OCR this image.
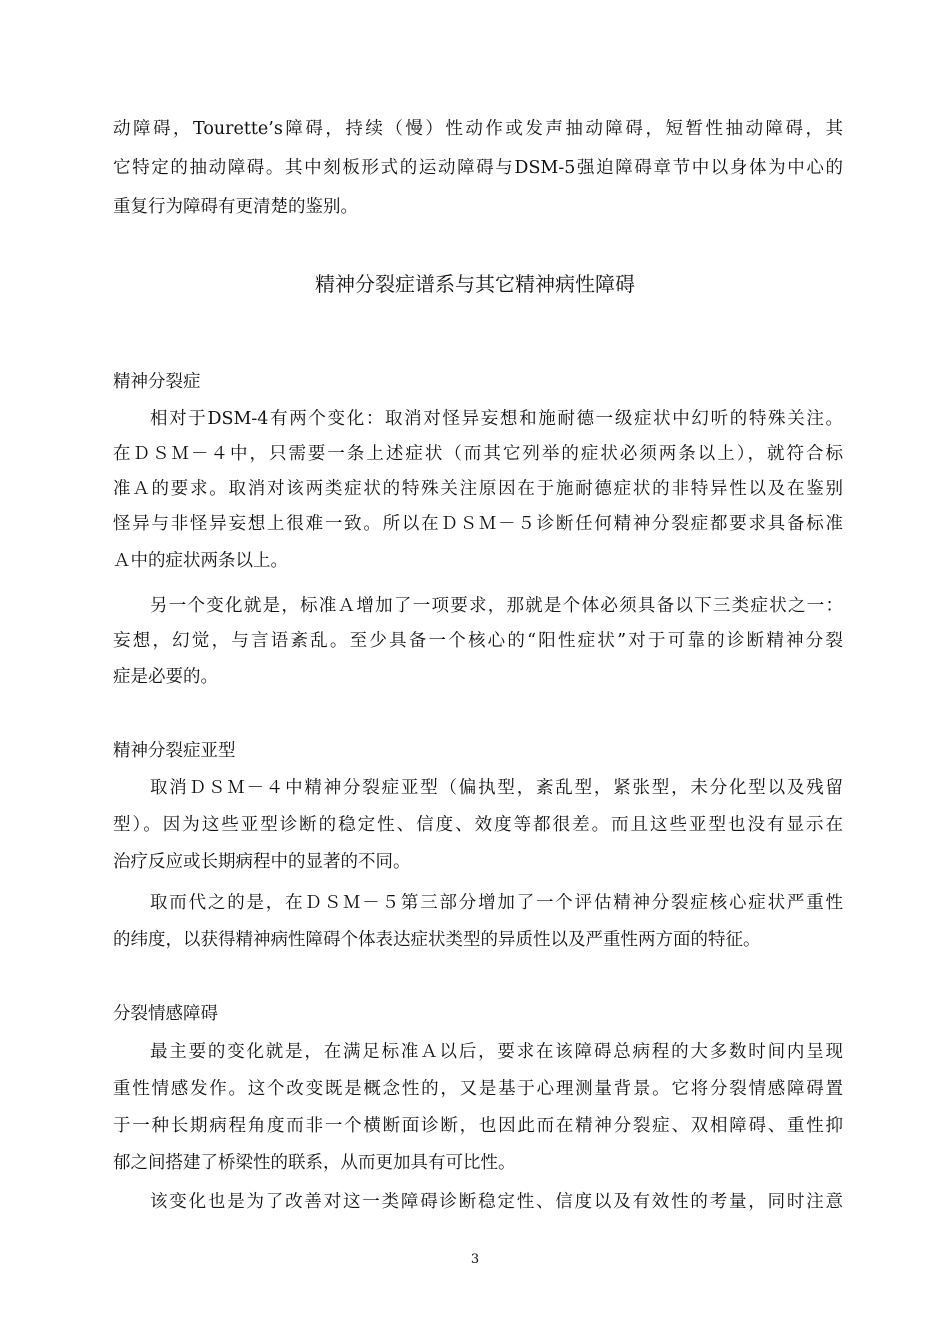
动障碍，Tourette’s障碍，持续（慢）性动作或发声抽动障碍，短暂性抽动障碍，其
它特定的抽动障碍。其中刻板形式的运动障碍与DSM-5强迫障碍章节中以身体为中心的
重复行为障碍有更清楚的鉴别。
精神分裂症谱系与其它精神病性障碍
精神分裂症
相对于DSM-4有两个变化：取消对怪异妄想和施耐德一级症状中幻听的特殊关注。
在ＤＳＭ－４中，只需要一条上述症状（而其它列举的症状必须两条以上），就符合标
准Ａ的要求。取消对该两类症状的特殊关注原因在于施耐德症状的非特异性以及在鉴别
怪异与非怪异妄想上很难一致。所以在ＤＳＭ－５诊断任何精神分裂症都要求具备标准
Ａ中的症状两条以上。
另一个变化就是，标准Ａ增加了一项要求，那就是个体必须具备以下三类症状之一：
妄想，幻觉，与言语紊乱。至少具备一个核心的“阳性症状”对于可靠的诊断精神分裂
症是必要的。
精神分裂症亚型
取消ＤＳＭ－４中精神分裂症亚型（偏执型，紊乱型，紧张型，未分化型以及残留
型）。因为这些亚型诊断的稳定性、信度、效度等都很差。而且这些亚型也没有显示在
治疗反应或长期病程中的显著的不同。
取而代之的是，在ＤＳＭ－５第三部分增加了一个评估精神分裂症核心症状严重性
的纬度，以获得精神病性障碍个体表达症状类型的异质性以及严重性两方面的特征。
分裂情感障碍
最主要的变化就是，在满足标准Ａ以后，要求在该障碍总病程的大多数时间内呈现
重性情感发作。这个改变既是概念性的，又是基于心理测量背景。它将分裂情感障碍置
于一种长期病程角度而非一个横断面诊断，也因此而在精神分裂症、双相障碍、重性抑
郁之间搭建了桥梁性的联系，从而更加具有可比性。
该变化也是为了改善对这一类障碍诊断稳定性、信度以及有效性的考量，同时注意
3
